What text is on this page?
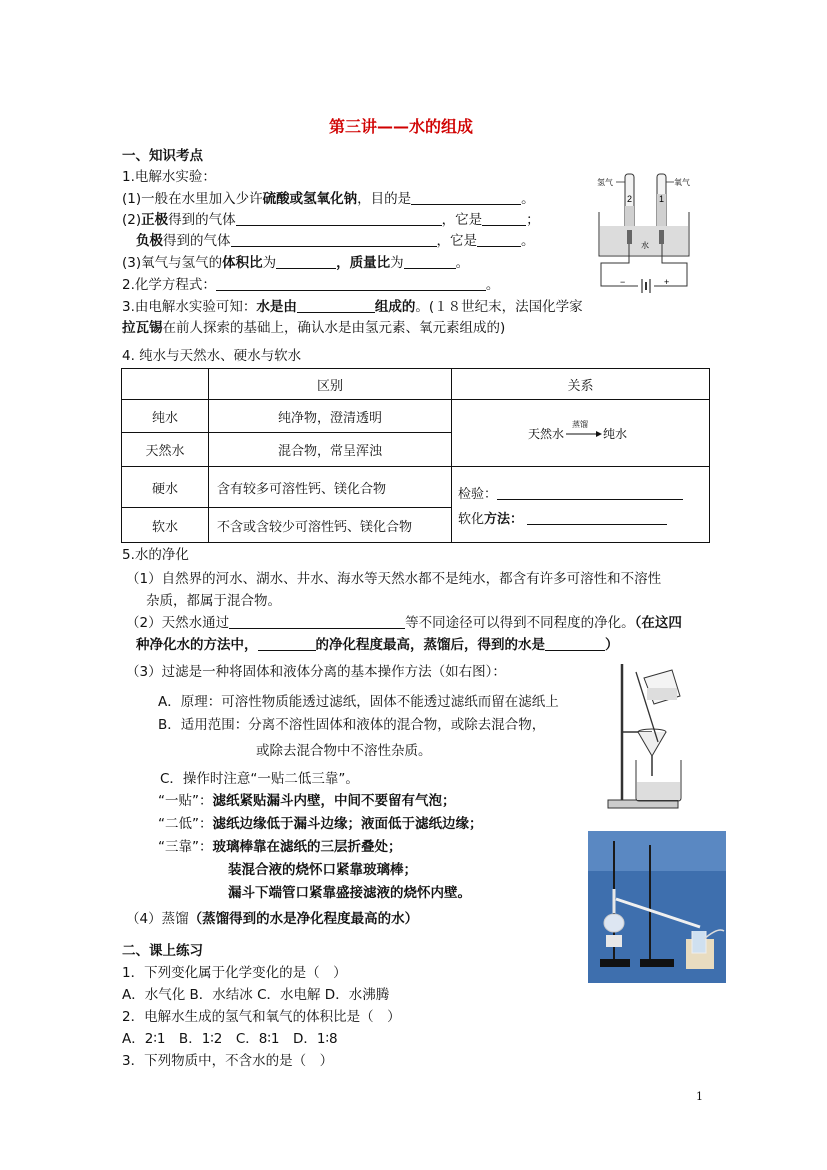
第三讲——水的组成
一、知识考点
1.电解水实验：
(1)一般在水里加入少许硫酸或氢氧化钠，目的是	。
(2)正极得到的气体	，它是	；
负极得到的气体	，它是	。
(3)氧气与氢气的体积比为	，质量比为	。
2.化学方程式：	。
3.由电解水实验可知：水是由	组成的。(１８世纪末，法国化学家
拉瓦锡在前人探索的基础上，确认水是由氢元素、氧元素组成的)
4. 纯水与天然水、硬水与软水
氢气	氧气
2	1
水
−	+
	区别	关系
纯水	纯净物，澄清透明	天然水
蒸馏
纯水

天然水	混合物，常呈浑浊	
硬水	含有较多可溶性钙、镁化合物	检验：
软化方法：

软水	不含或含较少可溶性钙、镁化合物	
5.水的净化
（1）自然界的河水、湖水、井水、海水等天然水都不是纯水，都含有许多可溶性和不溶性
杂质，都属于混合物。
（2）天然水通过	等不同途径可以得到不同程度的净化。（在这四
种净化水的方法中，	的净化程度最高，蒸馏后，得到的水是	）
（3）过滤是一种将固体和液体分离的基本操作方法（如右图）：
A．原理：可溶性物质能透过滤纸，固体不能透过滤纸而留在滤纸上
B．适用范围：分离不溶性固体和液体的混合物，或除去混合物，
或除去混合物中不溶性杂质。
C．操作时注意“一贴二低三靠”。
“一贴”：滤纸紧贴漏斗内壁，中间不要留有气泡；
“二低”：滤纸边缘低于漏斗边缘；液面低于滤纸边缘；
“三靠”：玻璃棒靠在滤纸的三层折叠处；
装混合液的烧怀口紧靠玻璃棒；
漏斗下端管口紧靠盛接滤液的烧怀内壁。
（4）蒸馏（蒸馏得到的水是净化程度最高的水）
二、课上练习
1．下列变化属于化学变化的是（　）
A．水气化 B．水结冰 C．水电解 D．水沸腾
2．电解水生成的氢气和氧气的体积比是（　）
A．2∶1　B．1∶2　C．8∶1　D．1∶8
3．下列物质中，不含水的是（　）
1
